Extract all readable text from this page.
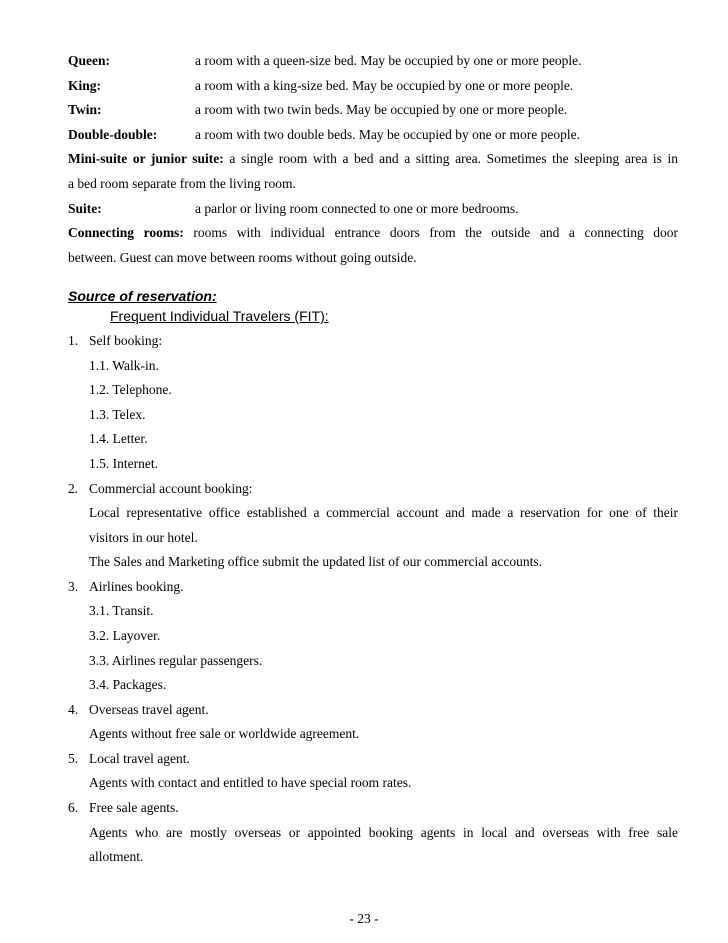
Queen:	a room with a queen-size bed. May be occupied by one or more people.
King:	a room with a king-size bed. May be occupied by one or more people.
Twin:	a room with two twin beds. May be occupied by one or more people.
Double-double:	a room with two double beds. May be occupied by one or more people.
Mini-suite or junior suite: a single room with a bed and a sitting area. Sometimes the sleeping area is in
a bed room separate from the living room.
Suite:	a parlor or living room connected to one or more bedrooms.
Connecting rooms: rooms with individual entrance doors from the outside and a connecting door
between. Guest can move between rooms without going outside.
Source of reservation:
Frequent Individual Travelers (FIT):
1. Self booking:
1.1. Walk-in.
1.2. Telephone.
1.3. Telex.
1.4. Letter.
1.5. Internet.
2. Commercial account booking:
Local representative office established a commercial account and made a reservation for one of their
visitors in our hotel.
The Sales and Marketing office submit the updated list of our commercial accounts.
3. Airlines booking.
3.1. Transit.
3.2. Layover.
3.3. Airlines regular passengers.
3.4. Packages.
4. Overseas travel agent.
Agents without free sale or worldwide agreement.
5. Local travel agent.
Agents with contact and entitled to have special room rates.
6. Free sale agents.
Agents who are mostly overseas or appointed booking agents in local and overseas with free sale
allotment.
- 23 -
